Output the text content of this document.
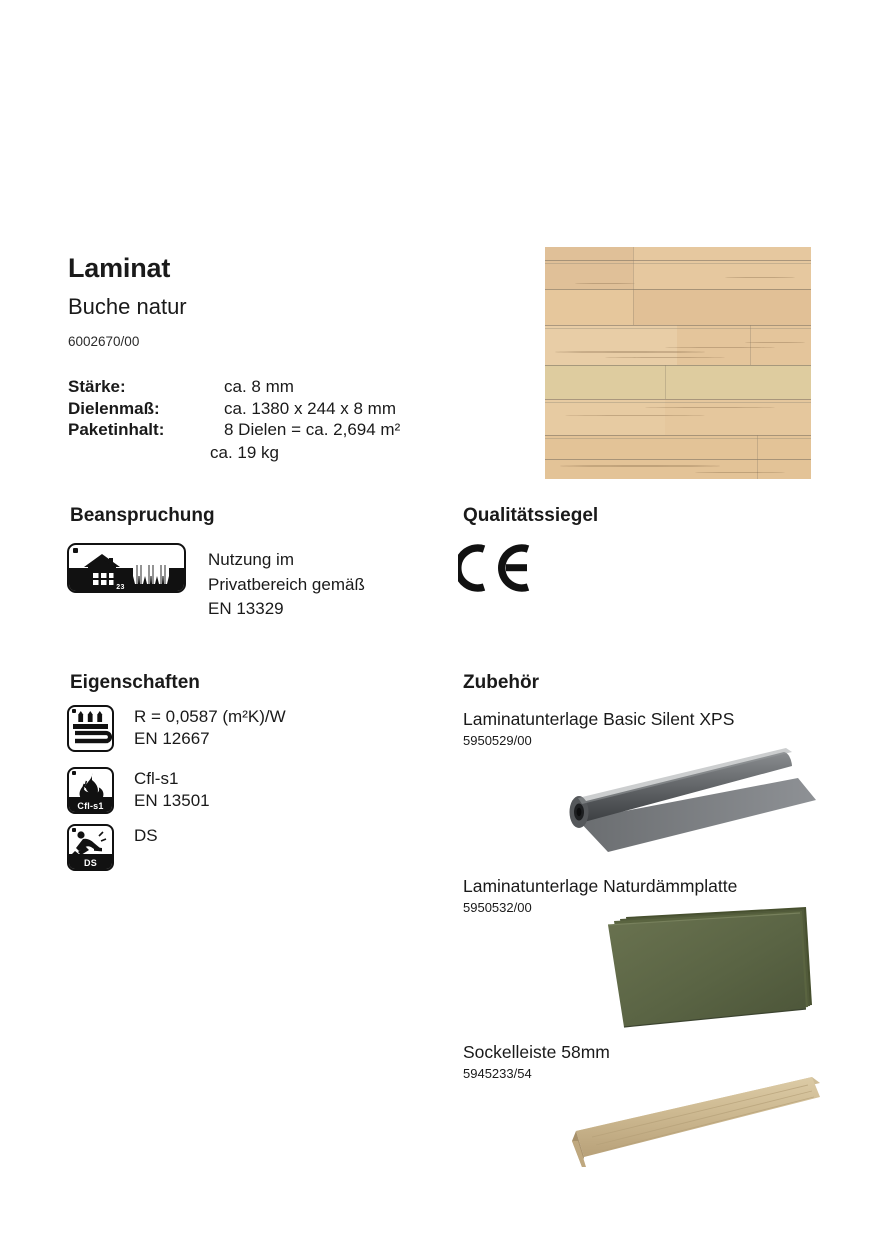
Laminat
Buche natur
6002670/00
Stärke:	ca. 8 mm
Dielenmaß:	ca. 1380 x 244 x 8 mm
Paketinhalt:	8 Dielen = ca. 2,694 m²
ca. 19 kg
Beanspruchung
23
Nutzung im
Privatbereich gemäß
EN 13329
Eigenschaften
R = 0,0587 (m²K)/W
EN 12667
Cfl-s1
Cfl-s1
EN 13501
DS
DS
Qualitätssiegel
Zubehör
Laminatunterlage Basic Silent XPS
5950529/00
Laminatunterlage Naturdämmplatte
5950532/00
Sockelleiste 58mm
5945233/54
